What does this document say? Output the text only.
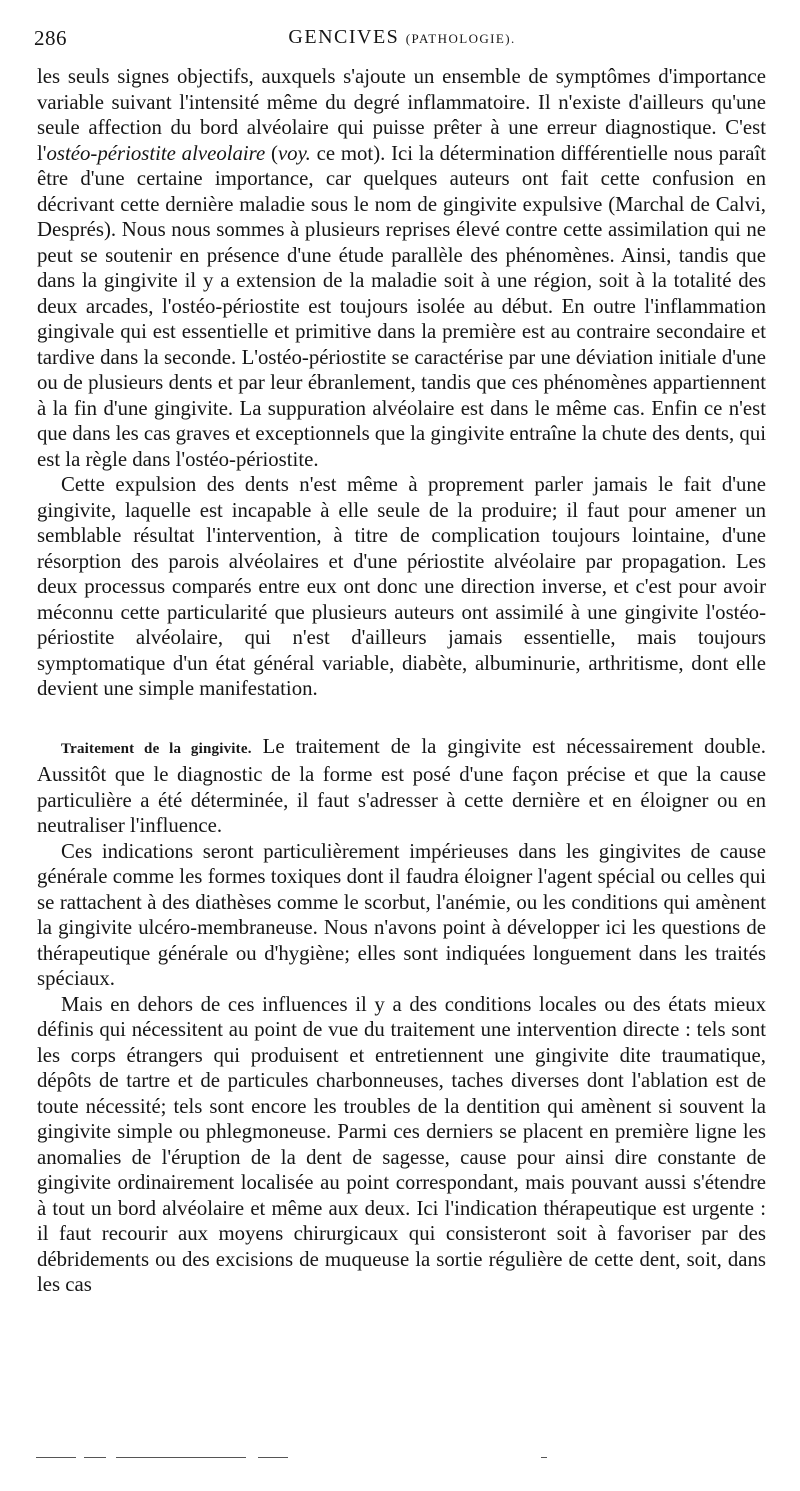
286	GENCIVES (PATHOLOGIE).

les seuls signes objectifs, auxquels s'ajoute un ensemble de symptômes d'importance variable suivant l'intensité même du degré inflammatoire. Il n'existe d'ailleurs qu'une seule affection du bord alvéolaire qui puisse prêter à une erreur diagnostique. C'est l'ostéo-périostite alveolaire (voy. ce mot). Ici la détermination différentielle nous paraît être d'une certaine importance, car quelques auteurs ont fait cette confusion en décrivant cette dernière maladie sous le nom de gingivite expulsive (Marchal de Calvi, Després). Nous nous sommes à plusieurs reprises élevé contre cette assimilation qui ne peut se soutenir en présence d'une étude parallèle des phénomènes. Ainsi, tandis que dans la gingivite il y a extension de la maladie soit à une région, soit à la totalité des deux arcades, l'ostéo-périostite est toujours isolée au début. En outre l'inflammation gingivale qui est essentielle et primitive dans la première est au contraire secondaire et tardive dans la seconde. L'ostéo-périostite se caractérise par une déviation initiale d'une ou de plusieurs dents et par leur ébranlement, tandis que ces phénomènes appartiennent à la fin d'une gingivite. La suppuration alvéolaire est dans le même cas. Enfin ce n'est que dans les cas graves et exceptionnels que la gingivite entraîne la chute des dents, qui est la règle dans l'ostéo-périostite.

Cette expulsion des dents n'est même à proprement parler jamais le fait d'une gingivite, laquelle est incapable à elle seule de la produire; il faut pour amener un semblable résultat l'intervention, à titre de complication toujours lointaine, d'une résorption des parois alvéolaires et d'une périostite alvéolaire par propagation. Les deux processus comparés entre eux ont donc une direction inverse, et c'est pour avoir méconnu cette particularité que plusieurs auteurs ont assimilé à une gingivite l'ostéo-périostite alvéolaire, qui n'est d'ailleurs jamais essentielle, mais toujours symptomatique d'un état général variable, diabète, albuminurie, arthritisme, dont elle devient une simple manifestation.

Traitement de la gingivite. Le traitement de la gingivite est nécessairement double. Aussitôt que le diagnostic de la forme est posé d'une façon précise et que la cause particulière a été déterminée, il faut s'adresser à cette dernière et en éloigner ou en neutraliser l'influence.

Ces indications seront particulièrement impérieuses dans les gingivites de cause générale comme les formes toxiques dont il faudra éloigner l'agent spécial ou celles qui se rattachent à des diathèses comme le scorbut, l'anémie, ou les conditions qui amènent la gingivite ulcéro-membraneuse. Nous n'avons point à développer ici les questions de thérapeutique générale ou d'hygiène; elles sont indiquées longuement dans les traités spéciaux.

Mais en dehors de ces influences il y a des conditions locales ou des états mieux définis qui nécessitent au point de vue du traitement une intervention directe : tels sont les corps étrangers qui produisent et entretiennent une gingivite dite traumatique, dépôts de tartre et de particules charbonneuses, taches diverses dont l'ablation est de toute nécessité; tels sont encore les troubles de la dentition qui amènent si souvent la gingivite simple ou phlegmoneuse. Parmi ces derniers se placent en première ligne les anomalies de l'éruption de la dent de sagesse, cause pour ainsi dire constante de gingivite ordinairement localisée au point correspondant, mais pouvant aussi s'étendre à tout un bord alvéolaire et même aux deux. Ici l'indication thérapeutique est urgente : il faut recourir aux moyens chirurgicaux qui consisteront soit à favoriser par des débridements ou des excisions de muqueuse la sortie régulière de cette dent, soit, dans les cas
